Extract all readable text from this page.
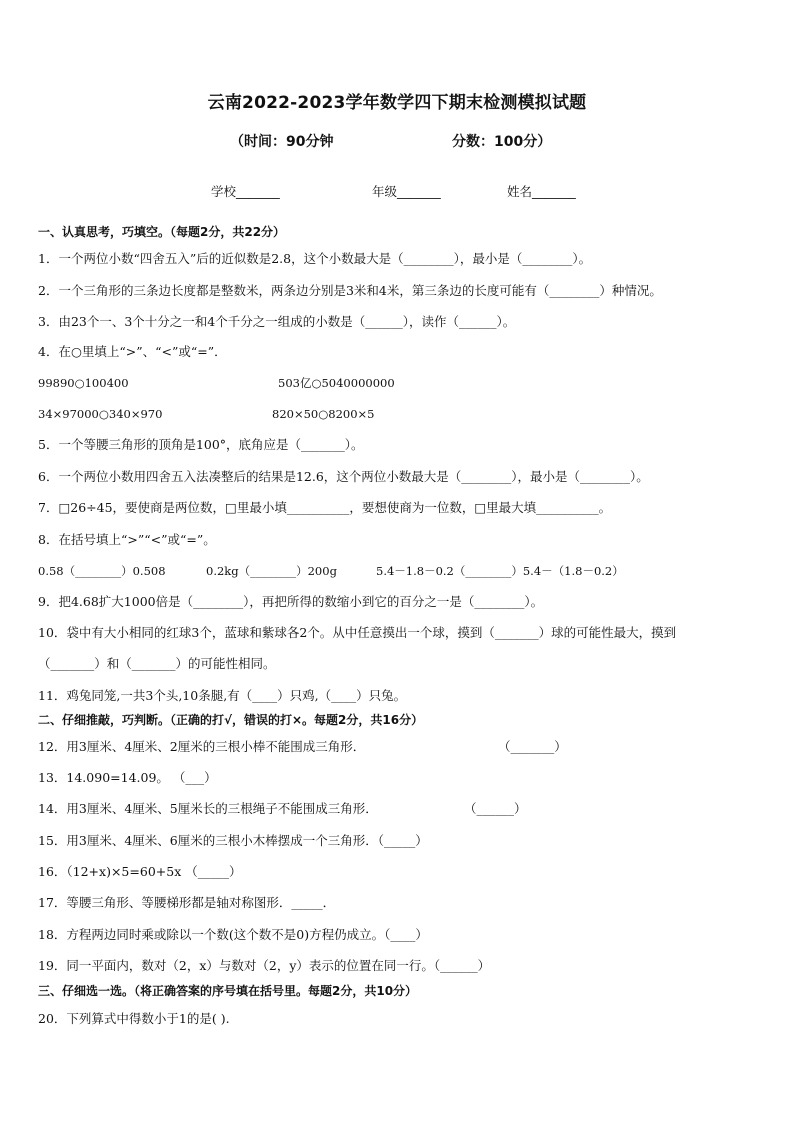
云南2022-2023学年数学四下期末检测模拟试题
（时间：90分钟	分数：100分）
学校_______	年级_______	姓名_______
一、认真思考，巧填空。（每题2分，共22分）
1．一个两位小数“四舍五入”后的近似数是2.8，这个小数最大是（________），最小是（________）。
2．一个三角形的三条边长度都是整数米，两条边分别是3米和4米，第三条边的长度可能有（________）种情况。
3．由23个一、3个十分之一和4个千分之一组成的小数是（______），读作（______）。
4．在○里填上“>”、“<”或“=”．
99890○100400	503亿○5040000000
34×97000○340×970	820×50○8200×5
5．一个等腰三角形的顶角是100°，底角应是（_______）。
6．一个两位小数用四舍五入法凑整后的结果是12.6，这个两位小数最大是（________），最小是（________）。
7．□26÷45，要使商是两位数，□里最小填__________，要想使商为一位数，□里最大填__________。
8．在括号填上“>”“<”或“=”。
0.58（________）0.508	0.2kg（________）200g	5.4－1.8－0.2（________）5.4－（1.8－0.2）
9．把4.68扩大1000倍是（________），再把所得的数缩小到它的百分之一是（________）。
10．袋中有大小相同的红球3个，蓝球和紫球各2个。从中任意摸出一个球，摸到（_______）球的可能性最大，摸到
（_______）和（_______）的可能性相同。
11．鸡兔同笼,一共3个头,10条腿,有（____）只鸡,（____）只兔。
二、仔细推敲，巧判断。（正确的打√，错误的打×。每题2分，共16分）
12．用3厘米、4厘米、2厘米的三根小棒不能围成三角形．	（_______）
13．14.090=14.09。 （___）
14．用3厘米、4厘米、5厘米长的三根绳子不能围成三角形．	（______）
15．用3厘米、4厘米、6厘米的三根小木棒摆成一个三角形．（_____）
16．（12+x)×5=60+5x （_____）
17．等腰三角形、等腰梯形都是轴对称图形．_____．
18．方程两边同时乘或除以一个数(这个数不是0)方程仍成立。（____）
19．同一平面内，数对（2，x）与数对（2，y）表示的位置在同一行。（______）
三、仔细选一选。（将正确答案的序号填在括号里。每题2分，共10分）
20．下列算式中得数小于1的是( ).
